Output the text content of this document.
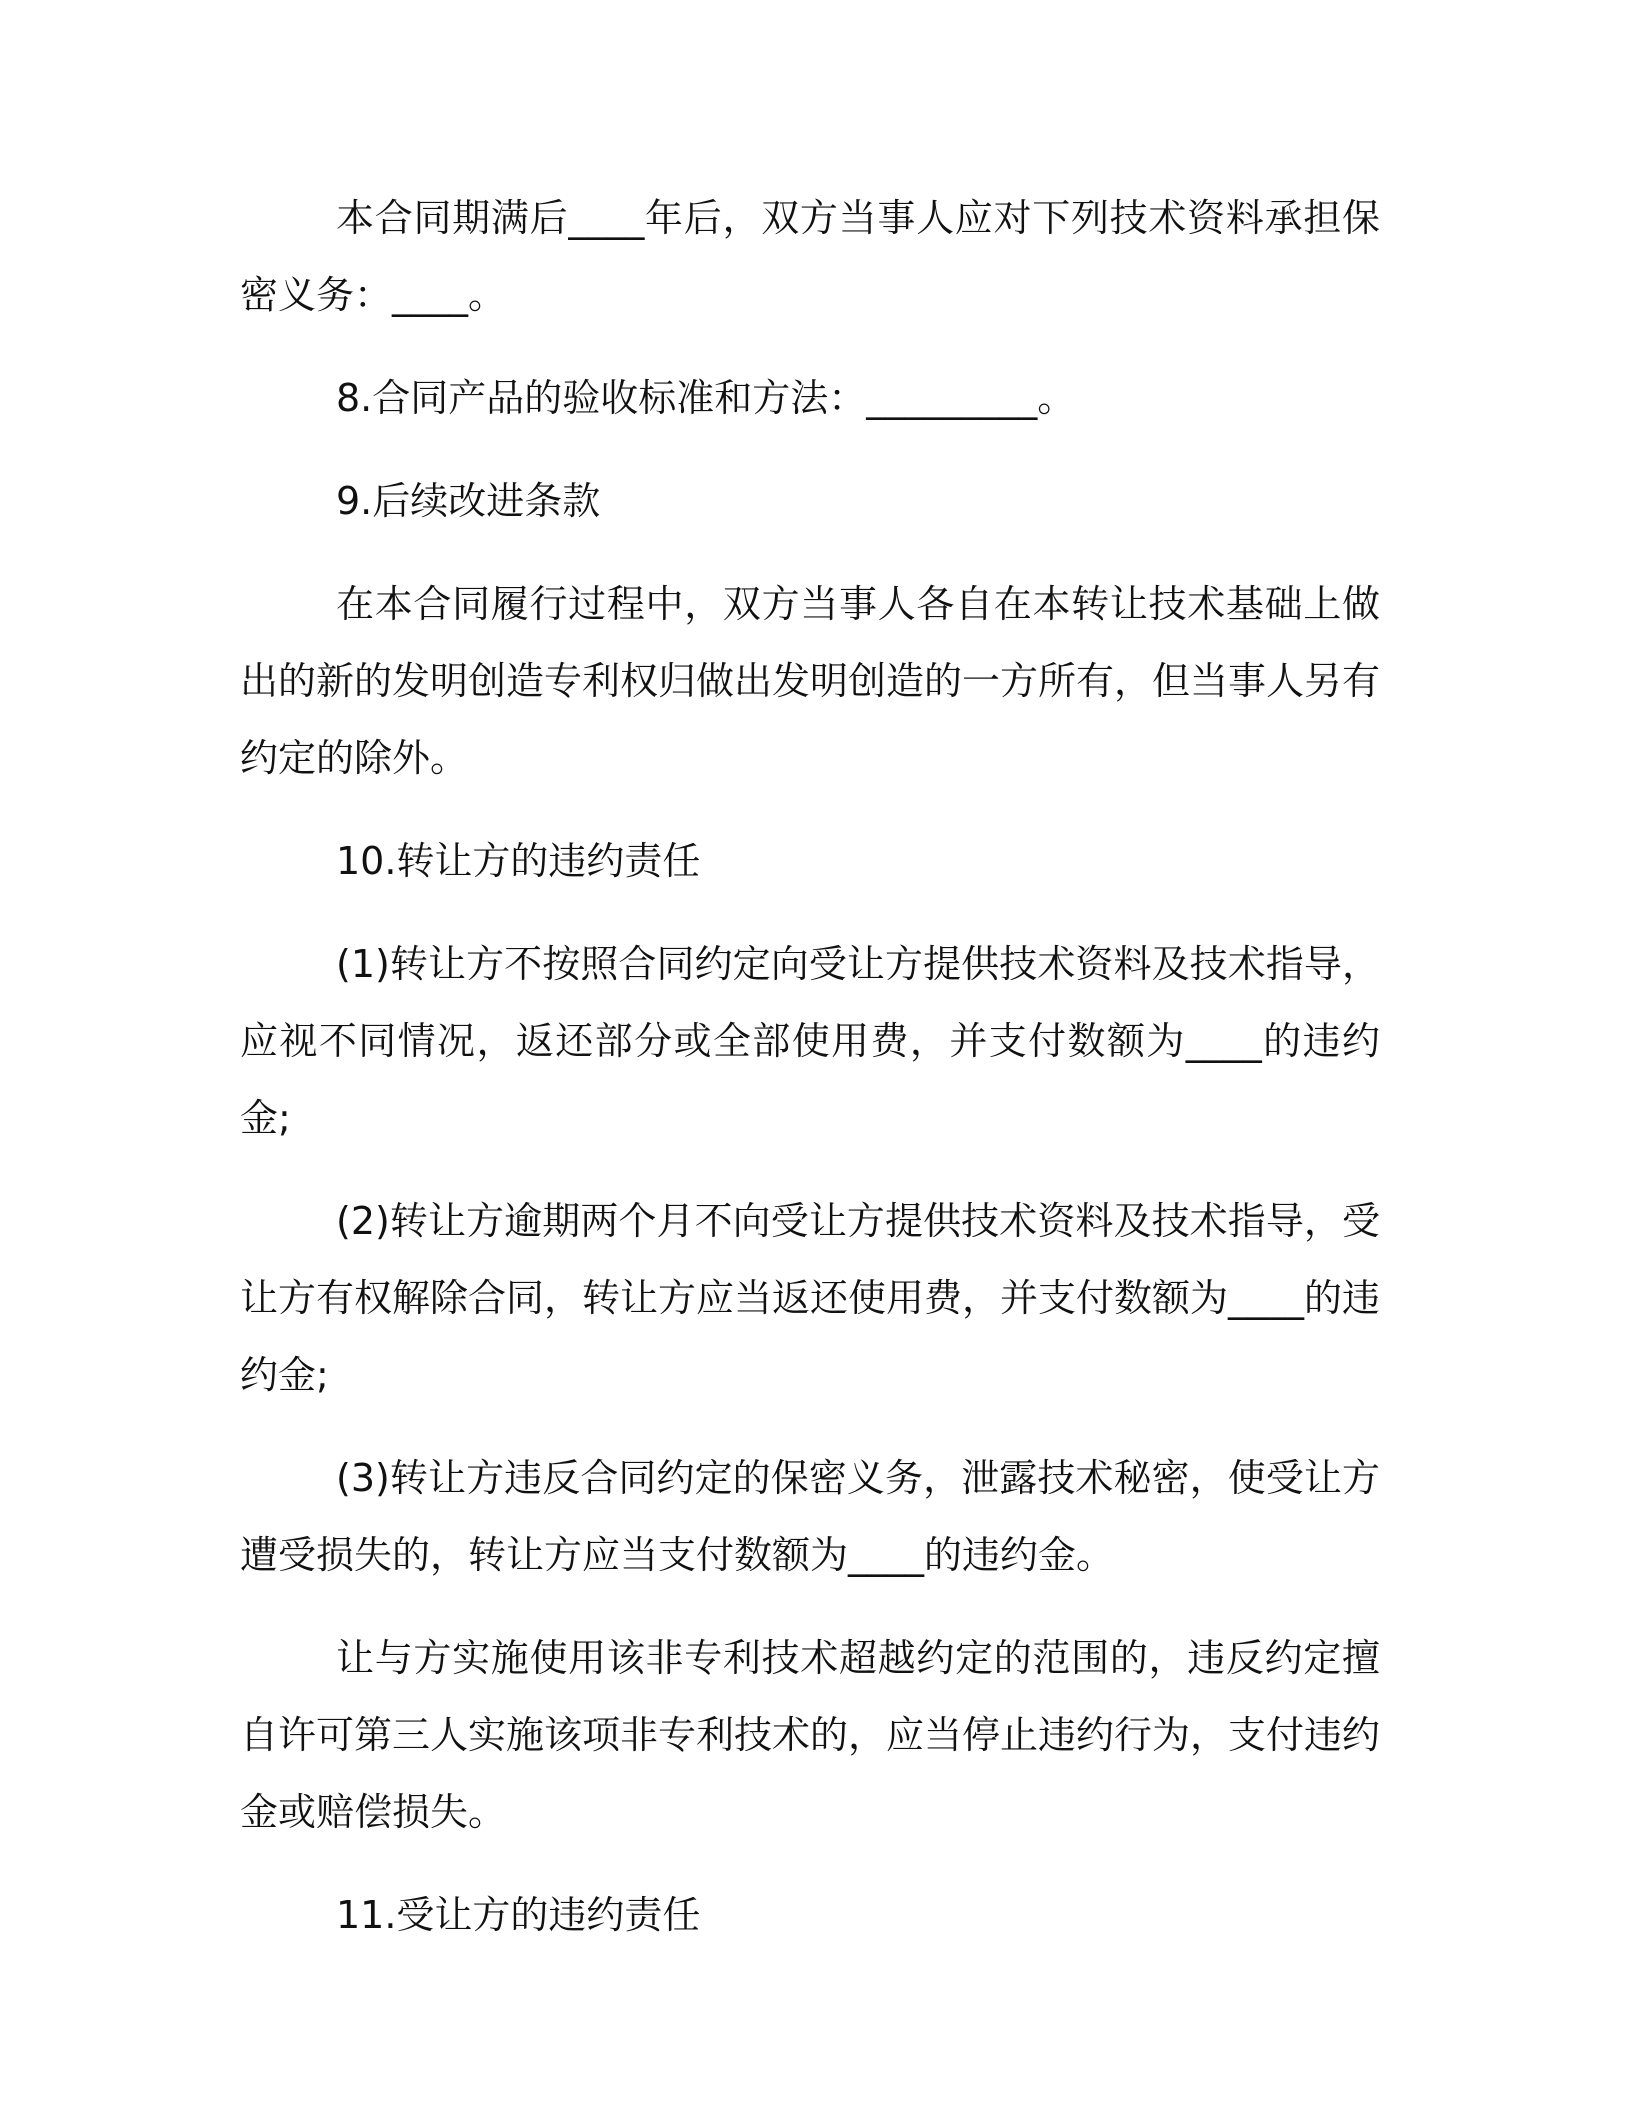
本合同期满后____年后，双方当事人应对下列技术资料承担保密义务：____。

8.合同产品的验收标准和方法：_________。

9.后续改进条款

在本合同履行过程中，双方当事人各自在本转让技术基础上做出的新的发明创造专利权归做出发明创造的一方所有，但当事人另有约定的除外。

10.转让方的违约责任

(1)转让方不按照合同约定向受让方提供技术资料及技术指导，应视不同情况，返还部分或全部使用费，并支付数额为____的违约金;

(2)转让方逾期两个月不向受让方提供技术资料及技术指导，受让方有权解除合同，转让方应当返还使用费，并支付数额为____的违约金;

(3)转让方违反合同约定的保密义务，泄露技术秘密，使受让方遭受损失的，转让方应当支付数额为____的违约金。

让与方实施使用该非专利技术超越约定的范围的，违反约定擅自许可第三人实施该项非专利技术的，应当停止违约行为，支付违约金或赔偿损失。

11.受让方的违约责任
